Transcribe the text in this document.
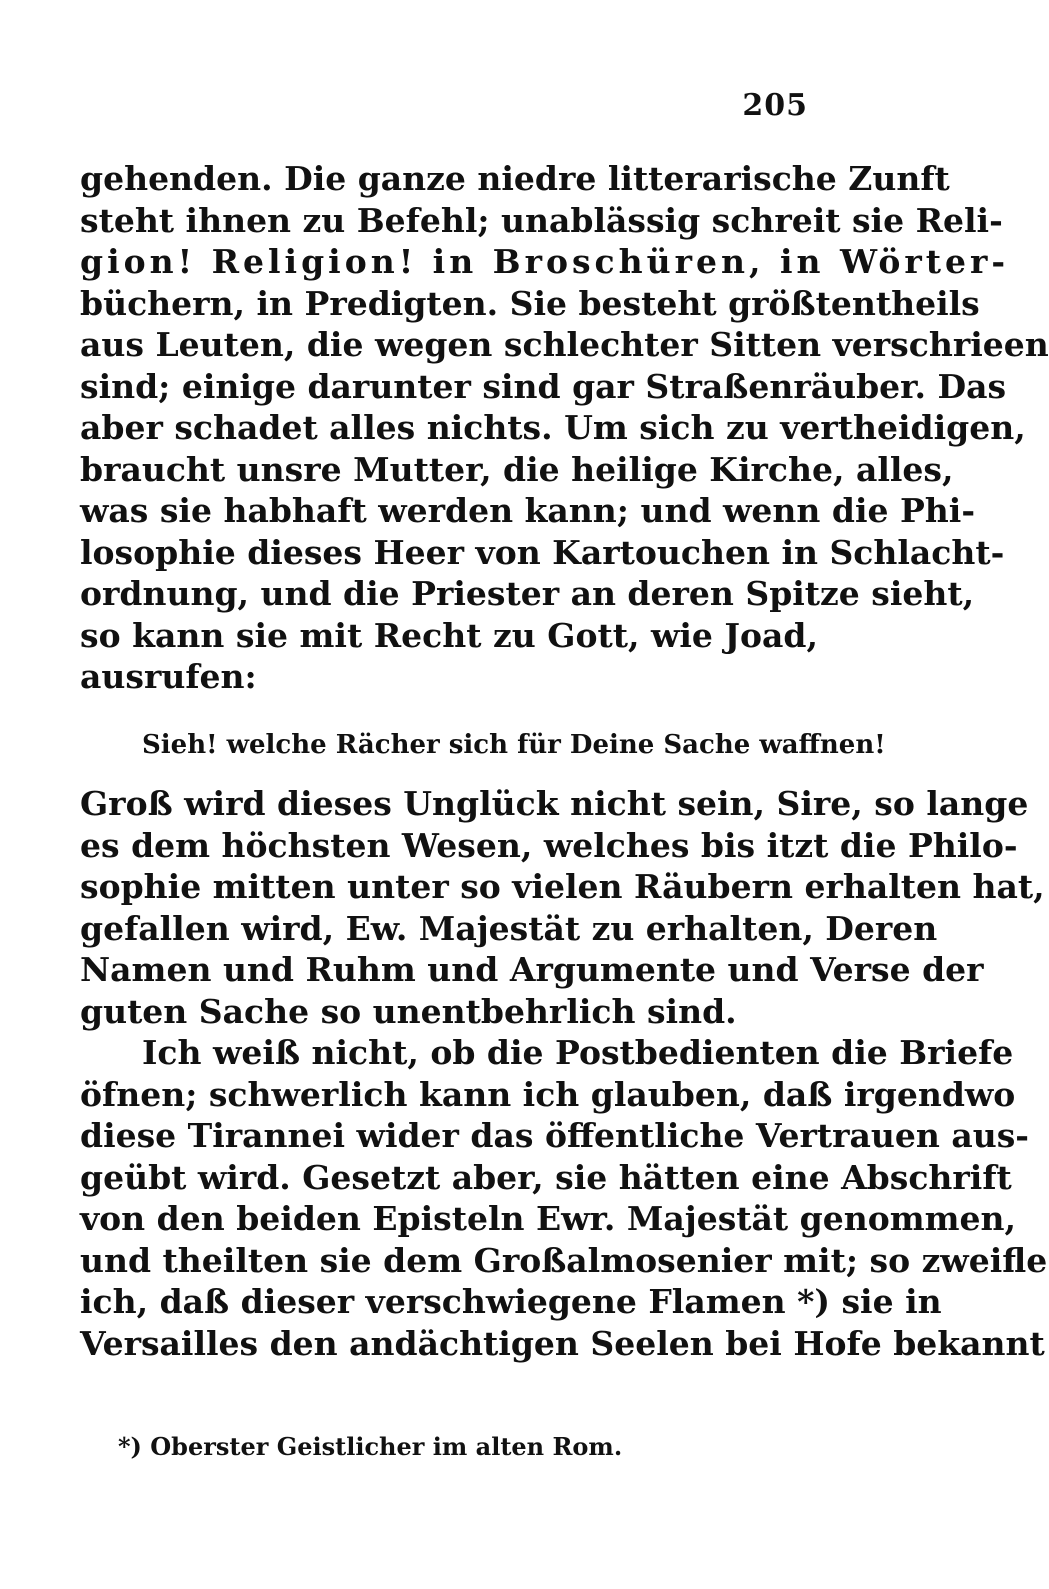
205
gehenden. Die ganze niedre litterarische Zunft
steht ihnen zu Befehl; unablässig schreit sie Reli-
gion! Religion! in Broschüren, in Wörter-
büchern, in Predigten. Sie besteht größtentheils
aus Leuten, die wegen schlechter Sitten verschrieen
sind; einige darunter sind gar Straßenräuber. Das
aber schadet alles nichts. Um sich zu vertheidigen,
braucht unsre Mutter, die heilige Kirche, alles,
was sie habhaft werden kann; und wenn die Phi-
losophie dieses Heer von Kartouchen in Schlacht-
ordnung, und die Priester an deren Spitze sieht,
so kann sie mit Recht zu Gott, wie Joad,
ausrufen:
Sieh! welche Rächer sich für Deine Sache waffnen!
Groß wird dieses Unglück nicht sein, Sire, so lange
es dem höchsten Wesen, welches bis itzt die Philo-
sophie mitten unter so vielen Räubern erhalten hat,
gefallen wird, Ew. Majestät zu erhalten, Deren
Namen und Ruhm und Argumente und Verse der
guten Sache so unentbehrlich sind.
Ich weiß nicht, ob die Postbedienten die Briefe
öfnen; schwerlich kann ich glauben, daß irgendwo
diese Tirannei wider das öffentliche Vertrauen aus-
geübt wird. Gesetzt aber, sie hätten eine Abschrift
von den beiden Episteln Ewr. Majestät genommen,
und theilten sie dem Großalmosenier mit; so zweifle
ich, daß dieser verschwiegene Flamen *) sie in
Versailles den andächtigen Seelen bei Hofe bekannt
*) Oberster Geistlicher im alten Rom.
